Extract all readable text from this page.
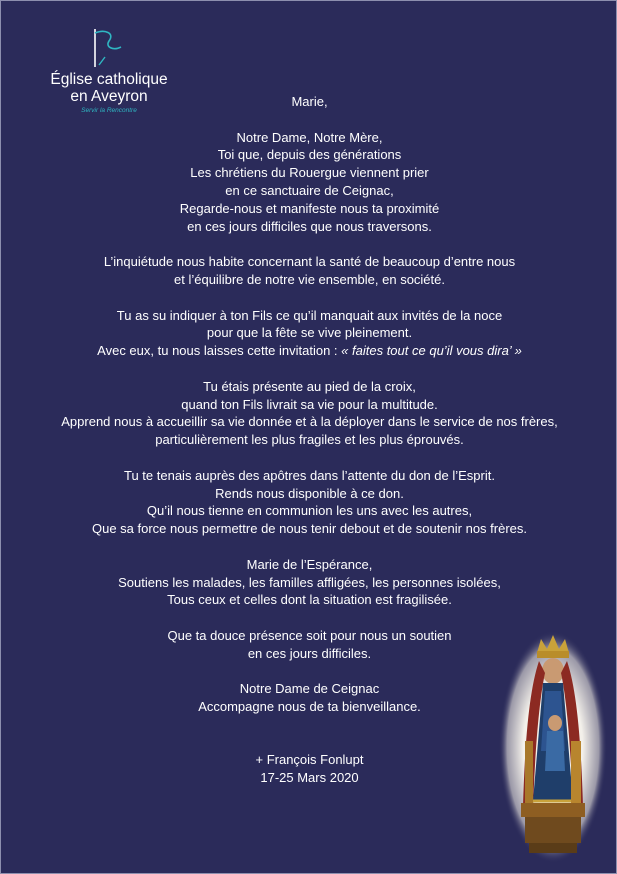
Église catholique
en Aveyron
Servir la Rencontre
Marie,
Notre Dame, Notre Mère,
Toi que, depuis des générations
Les chrétiens du Rouergue viennent prier
en ce sanctuaire de Ceignac,
Regarde-nous et manifeste nous ta proximité
en ces jours difficiles que nous traversons.
L’inquiétude nous habite concernant la santé de beaucoup d’entre nous
et l’équilibre de notre vie ensemble, en société.
Tu as su indiquer à ton Fils ce qu’il manquait aux invités de la noce
pour que la fête se vive pleinement.
Avec eux, tu nous laisses cette invitation : « faites tout ce qu’il vous dira’ »
Tu étais présente au pied de la croix,
quand ton Fils livrait sa vie pour la multitude.
Apprend nous à accueillir sa vie donnée et à la déployer dans le service de nos frères,
particulièrement les plus fragiles et les plus éprouvés.
Tu te tenais auprès des apôtres dans l’attente du don de l’Esprit.
Rends nous disponible à ce don.
Qu’il nous tienne en communion les uns avec les autres,
Que sa force nous permettre de nous tenir debout et de soutenir nos frères.
Marie de l’Espérance,
Soutiens les malades, les familles affligées, les personnes isolées,
Tous ceux et celles dont la situation est fragilisée.
Que ta douce présence soit pour nous un soutien
en ces jours difficiles.
Notre Dame de Ceignac
Accompagne nous de ta bienveillance.
+ François Fonlupt
17-25 Mars 2020
